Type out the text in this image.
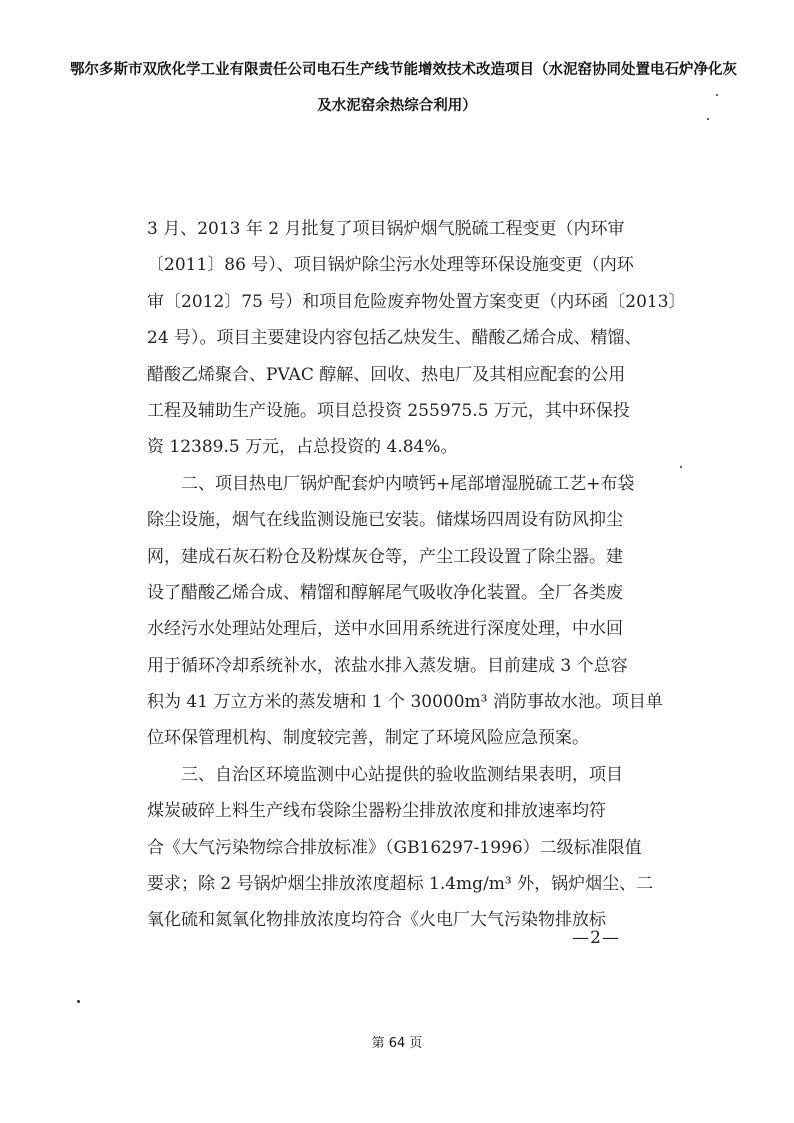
鄂尔多斯市双欣化学工业有限责任公司电石生产线节能增效技术改造项目（水泥窑协同处置电石炉净化灰
及水泥窑余热综合利用）
3 月、2013 年 2 月批复了项目锅炉烟气脱硫工程变更（内环审
〔2011〕86 号）、项目锅炉除尘污水处理等环保设施变更（内环
审〔2012〕75 号）和项目危险废弃物处置方案变更（内环函〔2013〕
24 号）。项目主要建设内容包括乙炔发生、醋酸乙烯合成、精馏、
醋酸乙烯聚合、PVAC 醇解、回收、热电厂及其相应配套的公用
工程及辅助生产设施。项目总投资 255975.5 万元，其中环保投
资 12389.5 万元，占总投资的 4.84%。
　　二、项目热电厂锅炉配套炉内喷钙+尾部增湿脱硫工艺+布袋
除尘设施，烟气在线监测设施已安装。储煤场四周设有防风抑尘
网，建成石灰石粉仓及粉煤灰仓等，产尘工段设置了除尘器。建
设了醋酸乙烯合成、精馏和醇解尾气吸收净化装置。全厂各类废
水经污水处理站处理后，送中水回用系统进行深度处理，中水回
用于循环冷却系统补水，浓盐水排入蒸发塘。目前建成 3 个总容
积为 41 万立方米的蒸发塘和 1 个 30000m³ 消防事故水池。项目单
位环保管理机构、制度较完善，制定了环境风险应急预案。
　　三、自治区环境监测中心站提供的验收监测结果表明，项目
煤炭破碎上料生产线布袋除尘器粉尘排放浓度和排放速率均符
合《大气污染物综合排放标准》（GB16297-1996）二级标准限值
要求；除 2 号锅炉烟尘排放浓度超标 1.4mg/m³ 外，锅炉烟尘、二
氧化硫和氮氧化物排放浓度均符合《火电厂大气污染物排放标
—2—
第 64 页
